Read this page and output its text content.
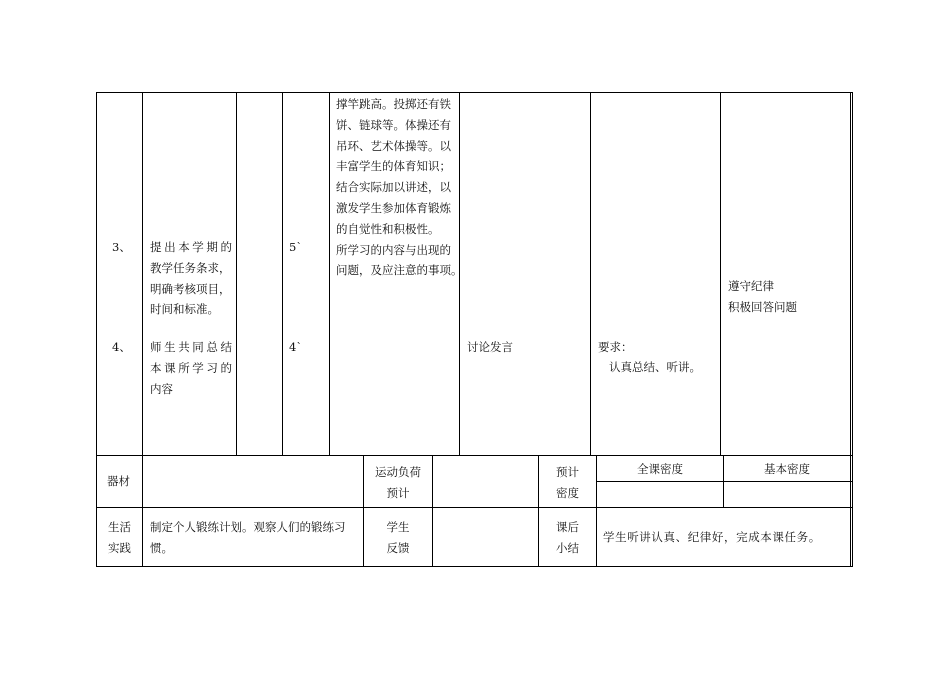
3、
4、
提出本学期的
教学任务条求，
明确考核项目，
时间和标准。
师生共同总结
本课所学习的
内容
5`
4`
撑竿跳高。投掷还有铁
饼、链球等。体操还有
吊环、艺术体操等。以
丰富学生的体育知识；
结合实际加以讲述，以
激发学生参加体育锻炼
的自觉性和积极性。
所学习的内容与出现的
问题，及应注意的事项。
讨论发言	要求：
认真总结、听讲。
遵守纪律
积极回答问题
器材
运动负荷
预计
预计
密度
全课密度	基本密度
生活
实践
制定个人锻练计划。观察人们的锻练习
惯。
学生
反馈
课后
小结
学生听讲认真、纪律好，完成本课任务。
